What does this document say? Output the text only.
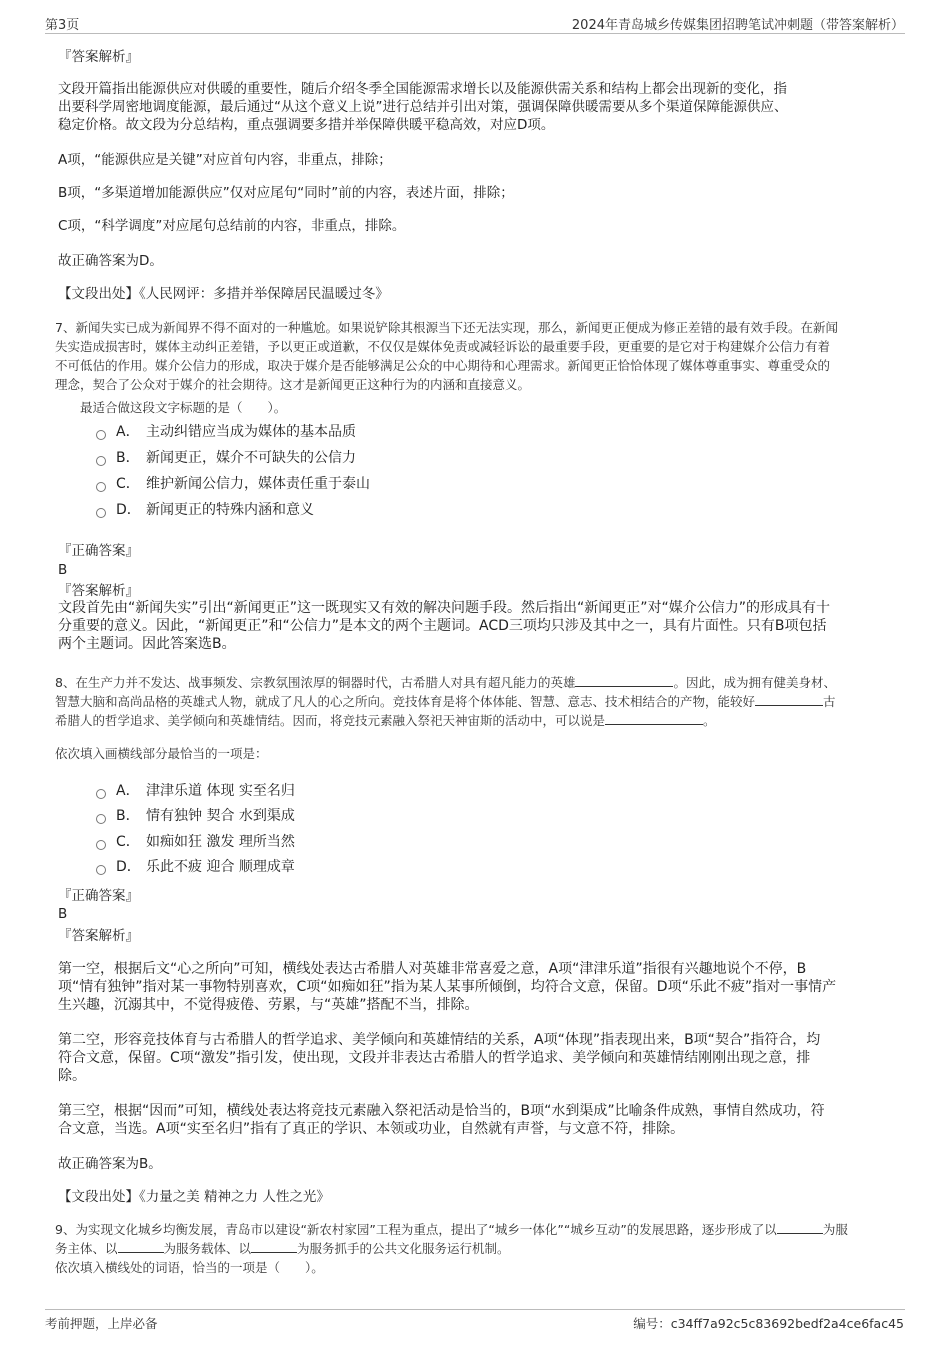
第3页	2024年青岛城乡传媒集团招聘笔试冲刺题（带答案解析）
『答案解析』
文段开篇指出能源供应对供暖的重要性，随后介绍冬季全国能源需求增长以及能源供需关系和结构上都会出现新的变化，指
出要科学周密地调度能源，最后通过“从这个意义上说”进行总结并引出对策，强调保障供暖需要从多个渠道保障能源供应、
稳定价格。故文段为分总结构，重点强调要多措并举保障供暖平稳高效，对应D项。
A项，“能源供应是关键”对应首句内容，非重点，排除；
B项，“多渠道增加能源供应”仅对应尾句“同时”前的内容，表述片面，排除；
C项，“科学调度”对应尾句总结前的内容，非重点，排除。
故正确答案为D。
【文段出处】《人民网评：多措并举保障居民温暖过冬》
7、新闻失实已成为新闻界不得不面对的一种尴尬。如果说铲除其根源当下还无法实现，那么，新闻更正便成为修正差错的最有效手段。在新闻
失实造成损害时，媒体主动纠正差错，予以更正或道歉，不仅仅是媒体免责或减轻诉讼的最重要手段，更重要的是它对于构建媒介公信力有着
不可低估的作用。媒介公信力的形成，取决于媒介是否能够满足公众的中心期待和心理需求。新闻更正恰恰体现了媒体尊重事实、尊重受众的
理念，契合了公众对于媒介的社会期待。这才是新闻更正这种行为的内涵和直接意义。
最适合做这段文字标题的是（　　）。
A． 主动纠错应当成为媒体的基本品质
B． 新闻更正，媒介不可缺失的公信力
C． 维护新闻公信力，媒体责任重于泰山
D． 新闻更正的特殊内涵和意义
『正确答案』
B
『答案解析』
文段首先由“新闻失实”引出“新闻更正”这一既现实又有效的解决问题手段。然后指出“新闻更正”对“媒介公信力”的形成具有十
分重要的意义。因此，“新闻更正”和“公信力”是本文的两个主题词。ACD三项均只涉及其中之一，具有片面性。只有B项包括
两个主题词。因此答案选B。
8、在生产力并不发达、战事频发、宗教氛围浓厚的铜器时代，古希腊人对具有超凡能力的英雄	。因此，成为拥有健美身材、
智慧大脑和高尚品格的英雄式人物，就成了凡人的心之所向。竞技体育是将个体体能、智慧、意志、技术相结合的产物，能较好	古
希腊人的哲学追求、美学倾向和英雄情结。因而，将竞技元素融入祭祀天神宙斯的活动中，可以说是	。
依次填入画横线部分最恰当的一项是：
A． 津津乐道 体现 实至名归
B． 情有独钟 契合 水到渠成
C． 如痴如狂 激发 理所当然
D． 乐此不疲 迎合 顺理成章
『正确答案』
B
『答案解析』
第一空，根据后文“心之所向”可知，横线处表达古希腊人对英雄非常喜爱之意，A项“津津乐道”指很有兴趣地说个不停，B
项“情有独钟”指对某一事物特别喜欢，C项“如痴如狂”指为某人某事所倾倒，均符合文意，保留。D项“乐此不疲”指对一事情产
生兴趣，沉溺其中，不觉得疲倦、劳累，与“英雄”搭配不当，排除。
第二空，形容竞技体育与古希腊人的哲学追求、美学倾向和英雄情结的关系，A项“体现”指表现出来，B项“契合”指符合，均
符合文意，保留。C项“激发”指引发，使出现，文段并非表达古希腊人的哲学追求、美学倾向和英雄情结刚刚出现之意，排
除。
第三空，根据“因而”可知，横线处表达将竞技元素融入祭祀活动是恰当的，B项“水到渠成”比喻条件成熟，事情自然成功，符
合文意，当选。A项“实至名归”指有了真正的学识、本领或功业，自然就有声誉，与文意不符，排除。
故正确答案为B。
【文段出处】《力量之美 精神之力 人性之光》
9、为实现文化城乡均衡发展，青岛市以建设“新农村家园”工程为重点，提出了“城乡一体化”“城乡互动”的发展思路，逐步形成了以	为服
务主体、以	为服务载体、以	为服务抓手的公共文化服务运行机制。
依次填入横线处的词语，恰当的一项是（　　）。
考前押题，上岸必备	编号：c34ff7a92c5c83692bedf2a4ce6fac45
